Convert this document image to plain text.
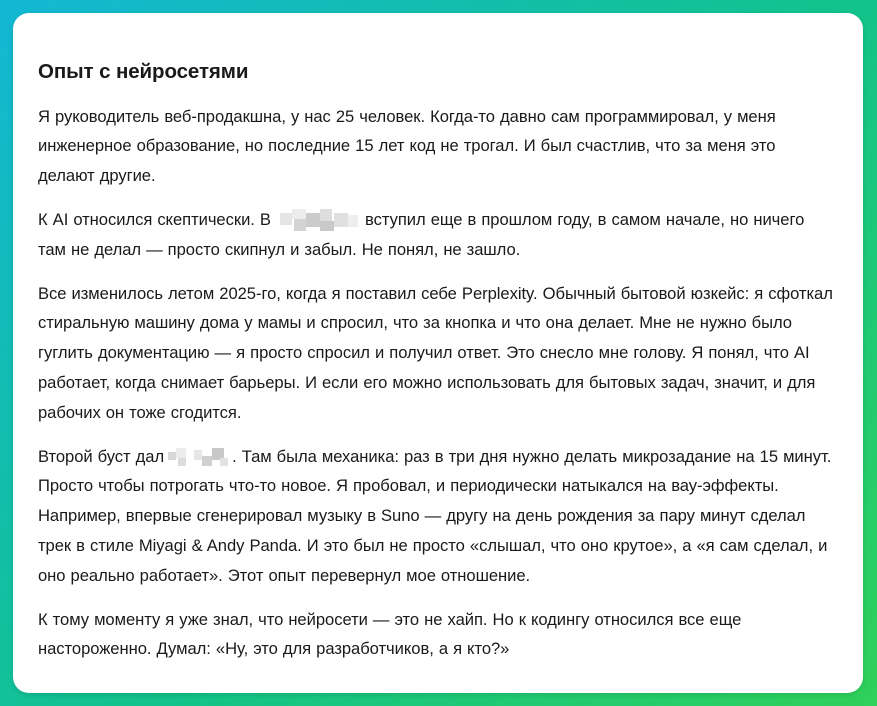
Опыт с нейросетями

Я руководитель веб-продакшна, у нас 25 человек. Когда-то давно сам программировал, у меня инженерное образование, но последние 15 лет код не трогал. И был счастлив, что за меня это делают другие.

К AI относился скептически. В	вступил еще в прошлом году, в самом начале, но ничего там не делал — просто скипнул и забыл. Не понял, не зашло.

Все изменилось летом 2025-го, когда я поставил себе Perplexity. Обычный бытовой юзкейс: я сфоткал стиральную машину дома у мамы и спросил, что за кнопка и что она делает. Мне не нужно было гуглить документацию — я просто спросил и получил ответ. Это снесло мне голову. Я понял, что AI работает, когда снимает барьеры. И если его можно использовать для бытовых задач, значит, и для рабочих он тоже сгодится.

Второй буст дал	. Там была механика: раз в три дня нужно делать микрозадание на 15 минут. Просто чтобы потрогать что-то новое. Я пробовал, и периодически натыкался на вау-эффекты. Например, впервые сгенерировал музыку в Suno — другу на день рождения за пару минут сделал трек в стиле Miyagi & Andy Panda. И это был не просто «слышал, что оно крутое», а «я сам сделал, и оно реально работает». Этот опыт перевернул мое отношение.

К тому моменту я уже знал, что нейросети — это не хайп. Но к кодингу относился все еще настороженно. Думал: «Ну, это для разработчиков, а я кто?»
